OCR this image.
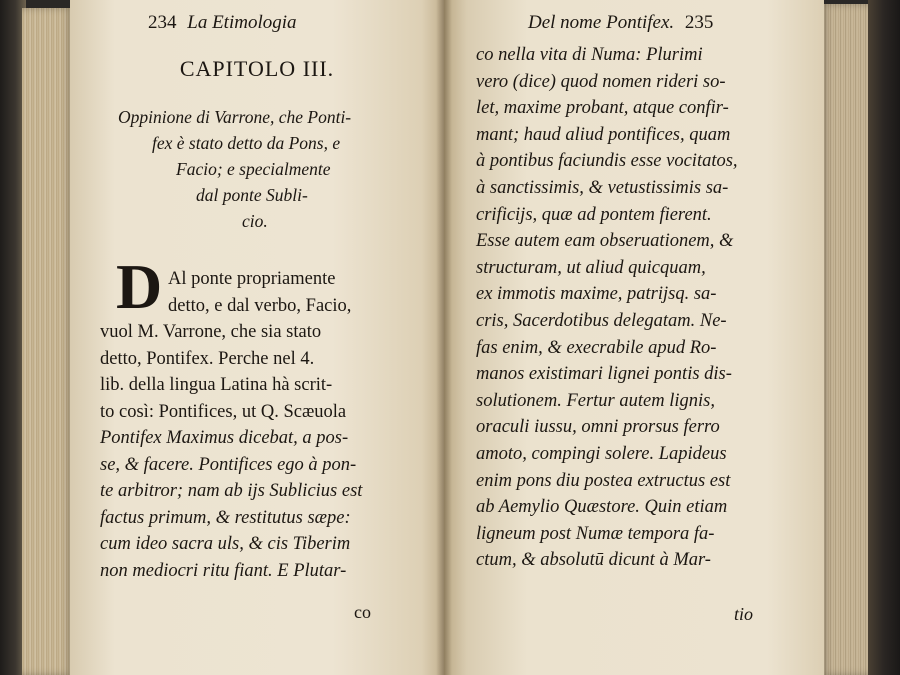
234 La Etimologia
CAPITOLO III.
Oppinione di Varrone, che Ponti-
fex è stato detto da Pons, e
Facio; e specialmente
dal ponte Subli-
cio.
D Al ponte propriamente
detto, e dal verbo, Facio,
vuol M. Varrone, che sia stato
detto, Pontifex. Perche nel 4.
lib. della lingua Latina hà scrit-
to così: Pontifices, ut Q. Scæuola
Pontifex Maximus dicebat, a pos-
se, & facere. Pontifices ego à pon-
te arbitror; nam ab ijs Sublicius est
factus primum, & restitutus sæpe:
cum ideo sacra uls, & cis Tiberim
non mediocri ritu fiant. E Plutar-
co
Del nome Pontifex. 235
co nella vita di Numa: Plurimi
vero (dice) quod nomen rideri so-
let, maxime probant, atque confir-
mant; haud aliud pontifices, quam
à pontibus faciundis esse vocitatos,
à sanctissimis, & vetustissimis sa-
crificijs, quæ ad pontem fierent.
Esse autem eam obseruationem, &
structuram, ut aliud quicquam,
ex immotis maxime, patrijsq. sa-
cris, Sacerdotibus delegatam. Ne-
fas enim, & execrabile apud Ro-
manos existimari lignei pontis dis-
solutionem. Fertur autem lignis,
oraculi iussu, omni prorsus ferro
amoto, compingi solere. Lapideus
enim pons diu postea extructus est
ab Aemylio Quæstore. Quin etiam
ligneum post Numæ tempora fa-
ctum, & absolutū dicunt à Mar-
tio
